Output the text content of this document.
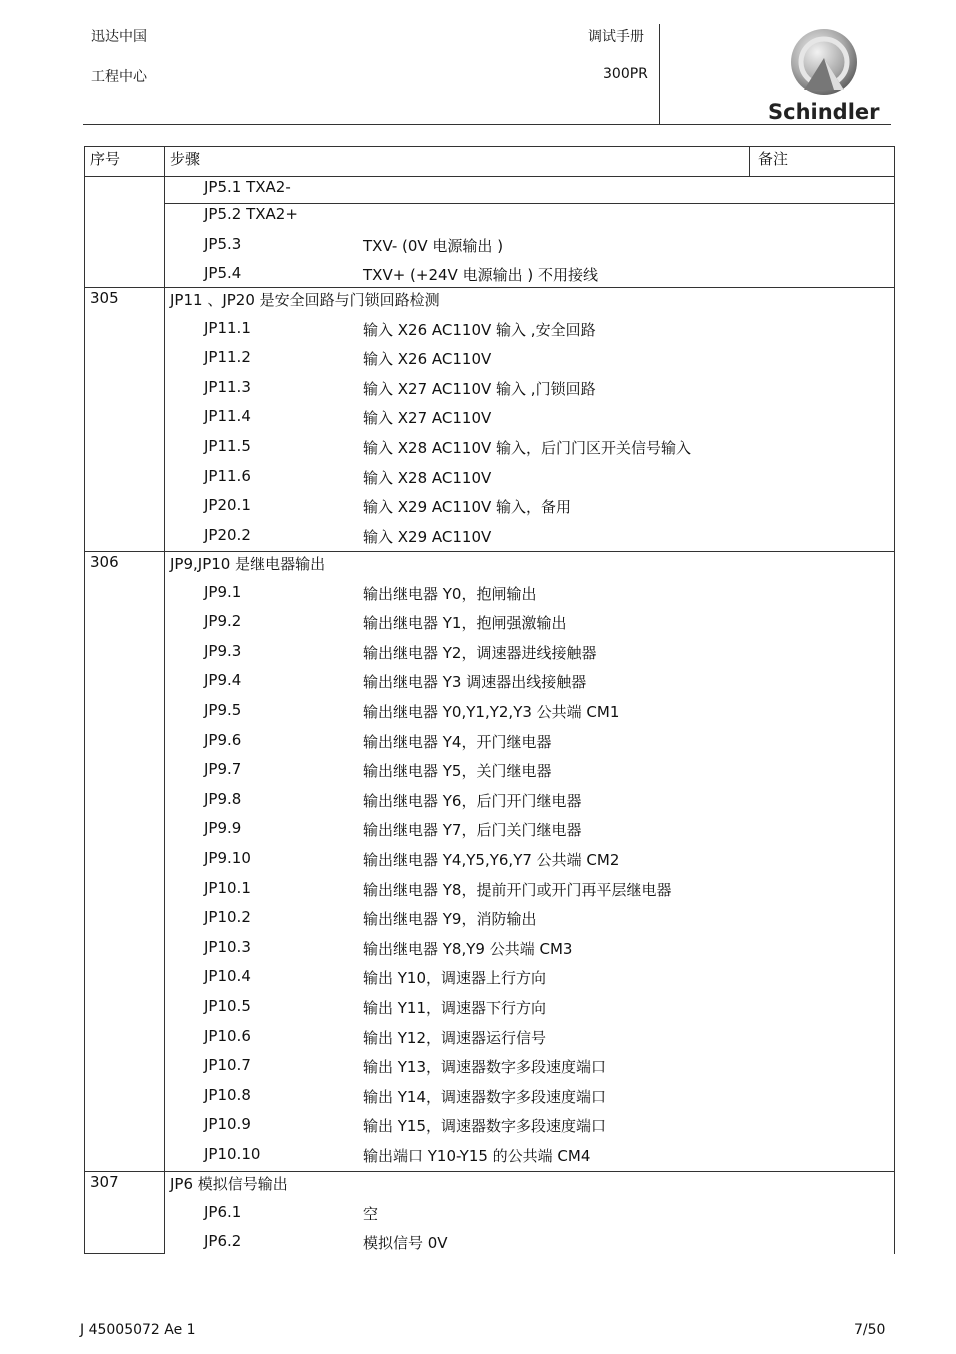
迅达中国
工程中心
调试手册
300PR
Schindler
序号	步骤	备注
JP5.1 TXA2-
JP5.2 TXA2+
JP5.3	TXV- (0V 电源输出 )
JP5.4	TXV+ (+24V 电源输出 ) 不用接线
305	JP11 、JP20 是安全回路与门锁回路检测
JP11.1	输入 X26 AC110V 输入 ,安全回路
JP11.2	输入 X26 AC110V
JP11.3	输入 X27 AC110V 输入 ,门锁回路
JP11.4	输入 X27 AC110V
JP11.5	输入 X28 AC110V 输入，后门门区开关信号输入
JP11.6	输入 X28 AC110V
JP20.1	输入 X29 AC110V 输入，备用
JP20.2	输入 X29 AC110V
306	JP9,JP10 是继电器输出
JP9.1	输出继电器 Y0，抱闸输出
JP9.2	输出继电器 Y1，抱闸强激输出
JP9.3	输出继电器 Y2，调速器进线接触器
JP9.4	输出继电器 Y3 调速器出线接触器
JP9.5	输出继电器 Y0,Y1,Y2,Y3 公共端 CM1
JP9.6	输出继电器 Y4，开门继电器
JP9.7	输出继电器 Y5，关门继电器
JP9.8	输出继电器 Y6，后门开门继电器
JP9.9	输出继电器 Y7，后门关门继电器
JP9.10	输出继电器 Y4,Y5,Y6,Y7 公共端 CM2
JP10.1	输出继电器 Y8，提前开门或开门再平层继电器
JP10.2	输出继电器 Y9，消防输出
JP10.3	输出继电器 Y8,Y9 公共端 CM3
JP10.4	输出 Y10，调速器上行方向
JP10.5	输出 Y11，调速器下行方向
JP10.6	输出 Y12，调速器运行信号
JP10.7	输出 Y13，调速器数字多段速度端口
JP10.8	输出 Y14，调速器数字多段速度端口
JP10.9	输出 Y15，调速器数字多段速度端口
JP10.10	输出端口 Y10-Y15 的公共端 CM4
307	JP6 模拟信号输出
JP6.1	空
JP6.2	模拟信号 0V
J 45005072 Ae 1	7/50
